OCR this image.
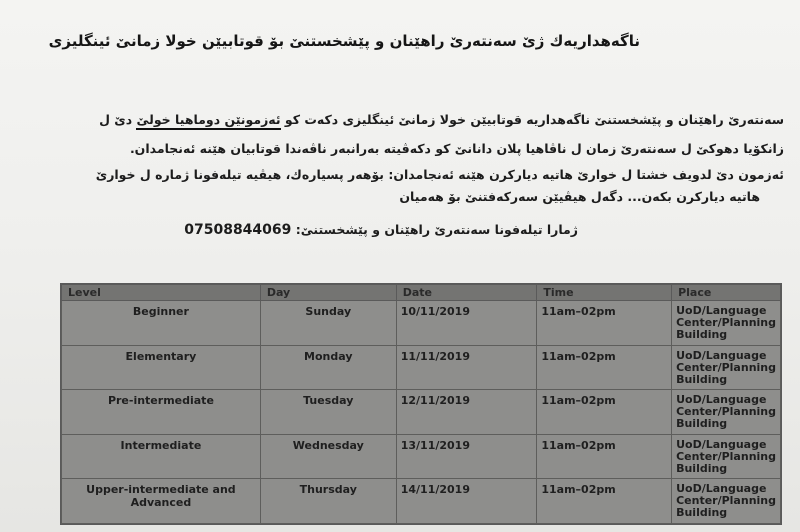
ناگەهداریەك ژێ سەنتەرێ راهێنان و پێشخستنێ بۆ قوتابیێن خولا زمانێ ئینگلیزی
سەنتەرێ راهێنان و پێشخستنێ ناگەهداریە قوتابیێن خولا زمانێ ئینگلیزی دکەت کو ئەزمونێن دوماهیا خولێ دێ ل
زانکۆیا دهوکێ ل سەنتەرێ زمان ل ناڤاهیا پلان دانانێ کو دکەڤیتە بەرانبەر ناڤەندا قوتابیان هێنە ئەنجامدان.
ئەزمون دێ لدویف خشتا ل خوارێ هاتیە دیارکرن هێنە ئەنجامدان: بۆهەر پسیارەك، هیڤیە تیلەفونا ژمارە ل خوارێ
هاتیە دیارکرن بکەن... دگەل هیڤیێن سەرکەفتنێ بۆ هەمیان
ژمارا تیلەفونا سەنتەرێ راهێنان و پێشخستنێ: 07508844069
Level	Day	Date	Time	Place
Beginner	Sunday	10/11/2019	11am–02pm	UoD/Language Center/Planning Building
Elementary	Monday	11/11/2019	11am–02pm	UoD/Language Center/Planning Building
Pre-intermediate	Tuesday	12/11/2019	11am–02pm	UoD/Language Center/Planning Building
Intermediate	Wednesday	13/11/2019	11am–02pm	UoD/Language Center/Planning Building
Upper-intermediate and Advanced	Thursday	14/11/2019	11am–02pm	UoD/Language Center/Planning Building
